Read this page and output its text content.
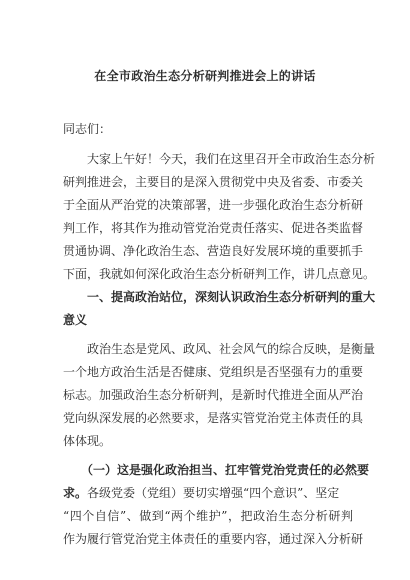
在全市政治生态分析研判推进会上的讲话
同志们：
　　大家上午好！今天，我们在这里召开全市政治生态分析
研判推进会，主要目的是深入贯彻党中央及省委、市委关
于全面从严治党的决策部署，进一步强化政治生态分析研
判工作，将其作为推动管党治党责任落实、促进各类监督
贯通协调、净化政治生态、营造良好发展环境的重要抓手
下面，我就如何深化政治生态分析研判工作，讲几点意见。
　　一、提高政治站位，深刻认识政治生态分析研判的重大
意义
　　政治生态是党风、政风、社会风气的综合反映，是衡量
一个地方政治生活是否健康、党组织是否坚强有力的重要
标志。加强政治生态分析研判，是新时代推进全面从严治
党向纵深发展的必然要求，是落实管党治党主体责任的具
体体现。
　　（一）这是强化政治担当、扛牢管党治党责任的必然要
求。各级党委（党组）要切实增强“四个意识”、坚定
“四个自信”、做到“两个维护”，把政治生态分析研判
作为履行管党治党主体责任的重要内容，通过深入分析研
